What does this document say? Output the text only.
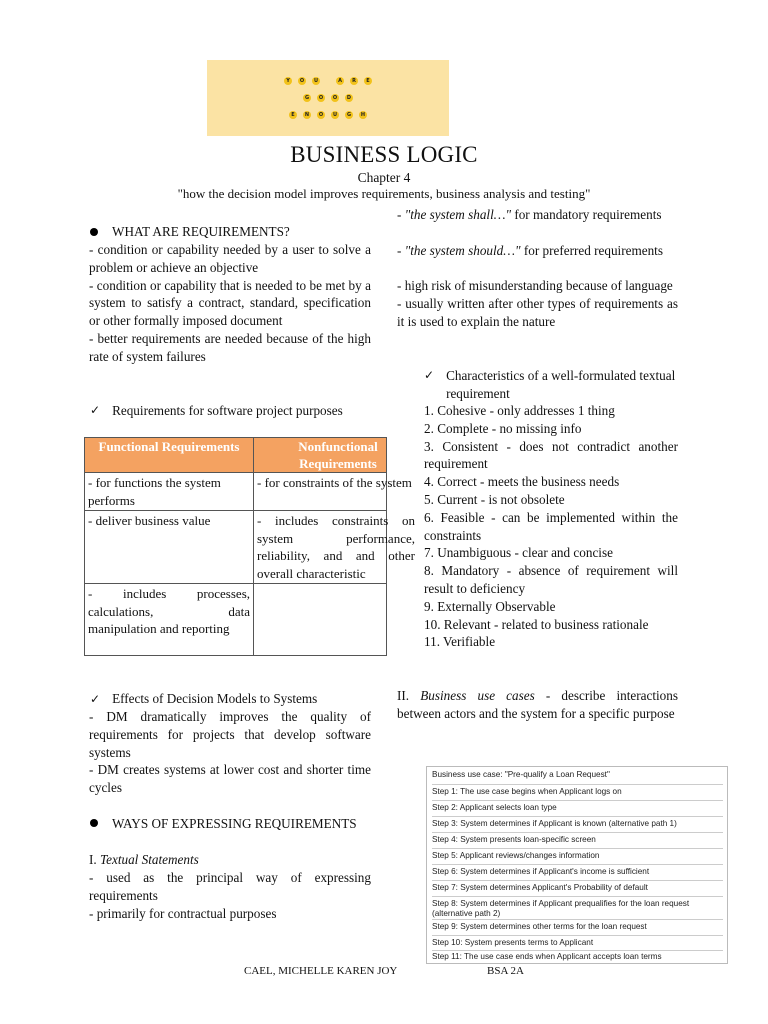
Y	O	U	A	R	E
G	O	O	D
E	N	O	U	G	H
BUSINESS LOGIC
Chapter 4
"how the decision model improves requirements, business analysis and testing"
WHAT ARE REQUIREMENTS?
- condition or capability needed by a user to solve a problem or achieve an objective
- condition or capability that is needed to be met by a system to satisfy a contract, standard, specification or other formally imposed document
- better requirements are needed because of the high rate of system failures
✓ Requirements for software project purposes
Functional Requirements	Nonfunctional Requirements

- for functions the system performs	- for constraints of the system

- deliver business value	- includes constraints on system performance, reliability, and and other overall characteristic

- includes processes, calculations, data manipulation and reporting	
✓ Effects of Decision Models to Systems
- DM dramatically improves the quality of requirements for projects that develop software systems
- DM creates systems at lower cost and shorter time cycles
WAYS OF EXPRESSING REQUIREMENTS
I. Textual Statements
- used as the principal way of expressing requirements
- primarily for contractual purposes
- "the system shall…" for mandatory requirements
- "the system should…" for preferred requirements
- high risk of misunderstanding because of language
- usually written after other types of requirements as it is used to explain the nature
✓ Characteristics of a well-formulated textual requirement
1. Cohesive - only addresses 1 thing
2. Complete - no missing info
3. Consistent - does not contradict another requirement
4. Correct - meets the business needs
5. Current - is not obsolete
6. Feasible - can be implemented within the constraints
7. Unambiguous - clear and concise
8. Mandatory - absence of requirement will result to deficiency
9. Externally Observable
10. Relevant - related to business rationale
11. Verifiable
II. Business use cases - describe interactions between actors and the system for a specific purpose
Business use case: "Pre-qualify a Loan Request"
Step 1: The use case begins when Applicant logs on
Step 2: Applicant selects loan type
Step 3: System determines if Applicant is known (alternative path 1)
Step 4: System presents loan-specific screen
Step 5: Applicant reviews/changes information
Step 6: System determines if Applicant's income is sufficient
Step 7: System determines Applicant's Probability of default
Step 8: System determines if Applicant prequalifies for the loan request (alternative path 2)
Step 9: System determines other terms for the loan request
Step 10: System presents terms to Applicant
Step 11: The use case ends when Applicant accepts loan terms
CAEL, MICHELLE KAREN JOY	BSA 2A
